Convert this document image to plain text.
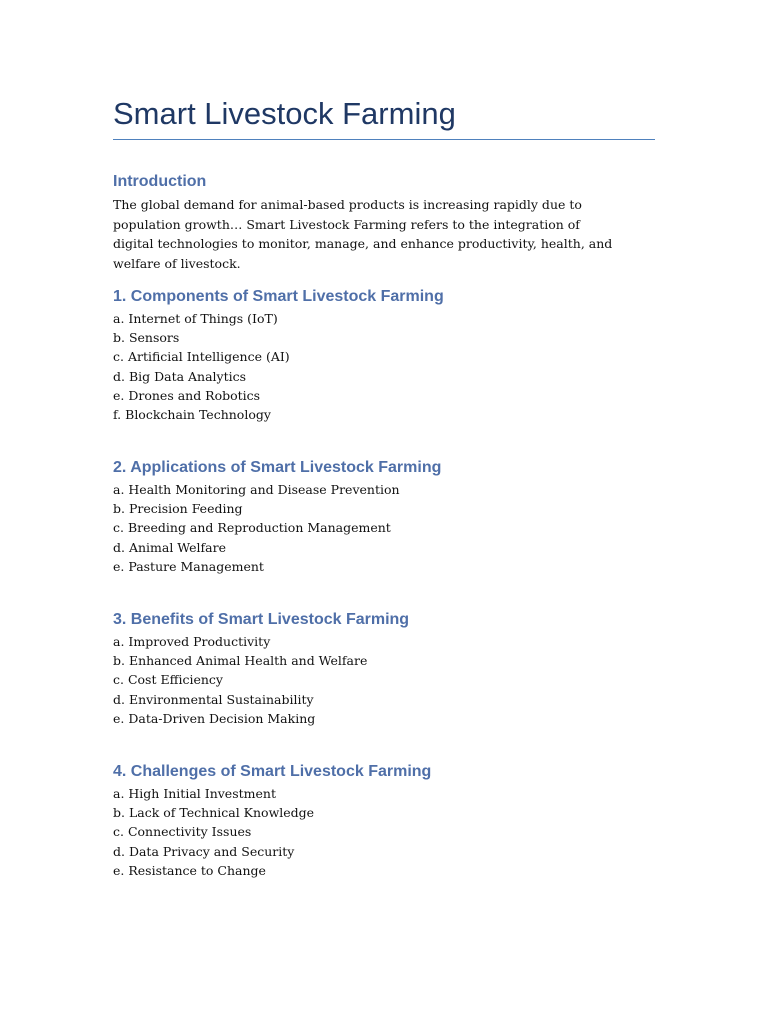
Smart Livestock Farming
Introduction

The global demand for animal-based products is increasing rapidly due to population growth… Smart Livestock Farming refers to the integration of digital technologies to monitor, manage, and enhance productivity, health, and welfare of livestock.

1. Components of Smart Livestock Farming
a. Internet of Things (IoT)
b. Sensors
c. Artificial Intelligence (AI)
d. Big Data Analytics
e. Drones and Robotics
f. Blockchain Technology
2. Applications of Smart Livestock Farming
a. Health Monitoring and Disease Prevention
b. Precision Feeding
c. Breeding and Reproduction Management
d. Animal Welfare
e. Pasture Management
3. Benefits of Smart Livestock Farming
a. Improved Productivity
b. Enhanced Animal Health and Welfare
c. Cost Efficiency
d. Environmental Sustainability
e. Data-Driven Decision Making
4. Challenges of Smart Livestock Farming
a. High Initial Investment
b. Lack of Technical Knowledge
c. Connectivity Issues
d. Data Privacy and Security
e. Resistance to Change
